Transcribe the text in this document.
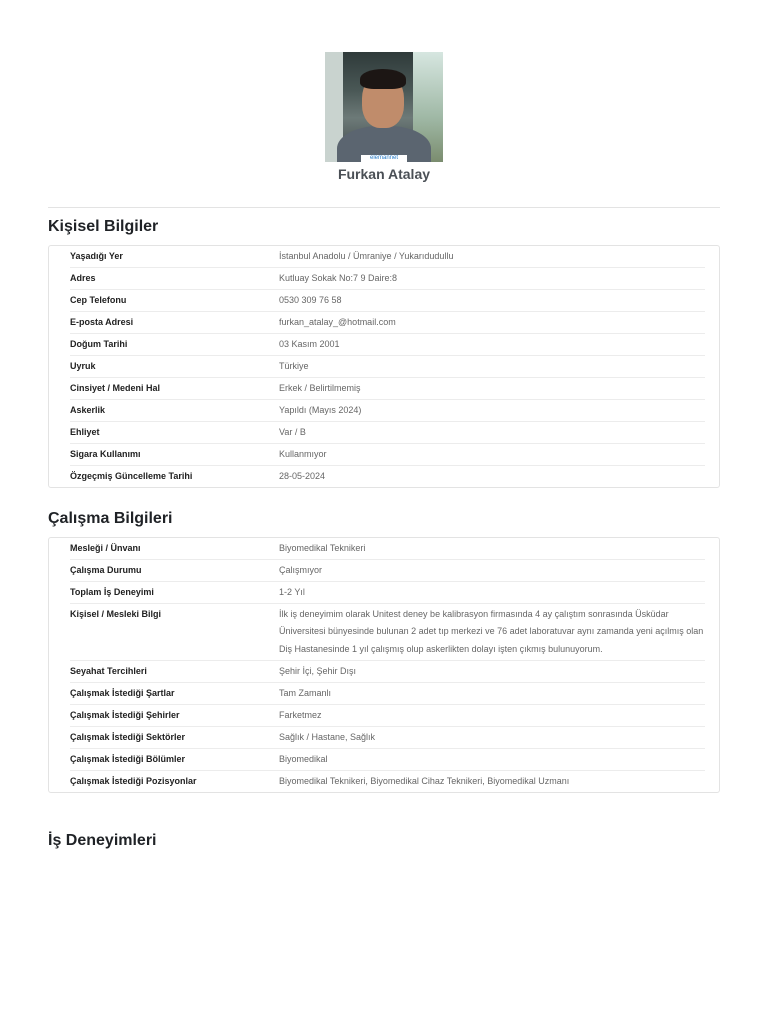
elemannet
Furkan Atalay
Kişisel Bilgiler
Yaşadığı Yer	İstanbul Anadolu / Ümraniye / Yukarıdudullu
Adres	Kutluay Sokak No:7 9 Daire:8
Cep Telefonu	0530 309 76 58
E-posta Adresi	furkan_atalay_@hotmail.com
Doğum Tarihi	03 Kasım 2001
Uyruk	Türkiye
Cinsiyet / Medeni Hal	Erkek / Belirtilmemiş
Askerlik	Yapıldı (Mayıs 2024)
Ehliyet	Var / B
Sigara Kullanımı	Kullanmıyor
Özgeçmiş Güncelleme Tarihi	28-05-2024
Çalışma Bilgileri
Mesleği / Ünvanı	Biyomedikal Teknikeri
Çalışma Durumu	Çalışmıyor
Toplam İş Deneyimi	1-2 Yıl
Kişisel / Mesleki Bilgi	İlk iş deneyimim olarak Unitest deney be kalibrasyon firmasında 4 ay çalıştım sonrasında Üsküdar Üniversitesi bünyesinde bulunan 2 adet tıp merkezi ve 76 adet laboratuvar aynı zamanda yeni açılmış olan Diş Hastanesinde 1 yıl çalışmış olup askerlikten dolayı işten çıkmış bulunuyorum.
Seyahat Tercihleri	Şehir İçi, Şehir Dışı
Çalışmak İstediği Şartlar	Tam Zamanlı
Çalışmak İstediği Şehirler	Farketmez
Çalışmak İstediği Sektörler	Sağlık / Hastane, Sağlık
Çalışmak İstediği Bölümler	Biyomedikal
Çalışmak İstediği Pozisyonlar	Biyomedikal Teknikeri, Biyomedikal Cihaz Teknikeri, Biyomedikal Uzmanı
İş Deneyimleri
